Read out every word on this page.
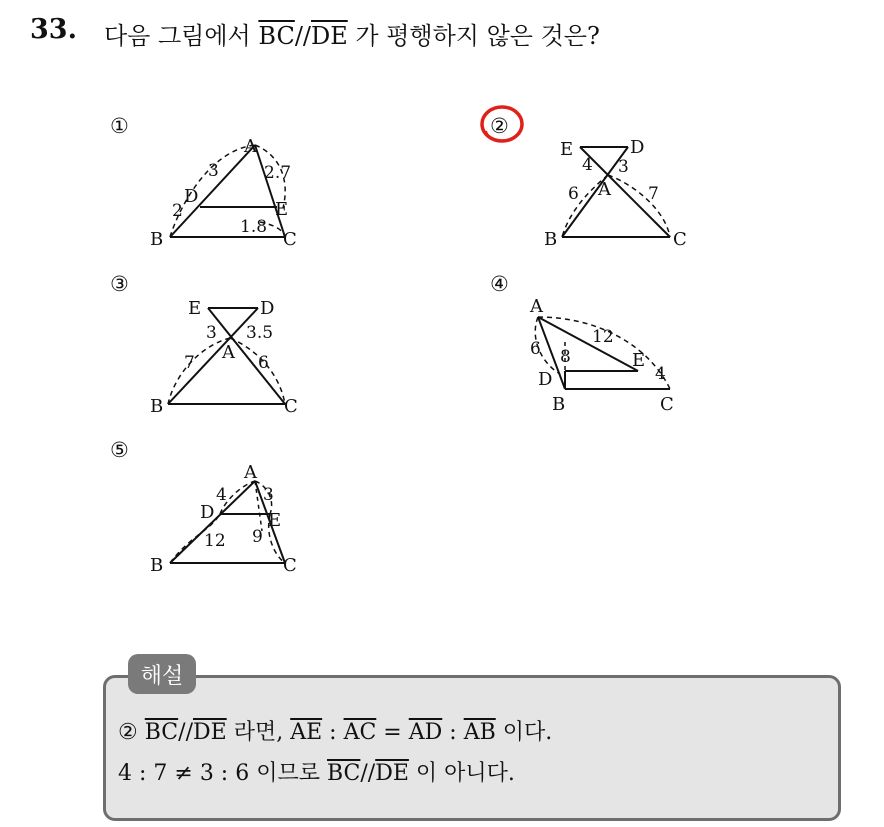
33. 다음 그림에서 $\overline{BC}//\overline{DE}$ 가 평행하지 않은 것은?
①
A
B	C
D
E
3
2
2.7
1.8
②
E	D
A
B	C
4 3
6	7
③
E	D
A
B	C
3 3.5
7	6
④
A
D
B
E
C
6 8
12
4
⑤
A
D	E
B	C
4 3
12 9
해설
② $\overline{BC}//\overline{DE}$ 라면, $\overline{AE}$ : $\overline{AC} = \overline{AD}$ : $\overline{AB}$ 이다.
4 : 7 ≠ 3 : 6 이므로 $\overline{BC}//\overline{DE}$ 이 아니다.
